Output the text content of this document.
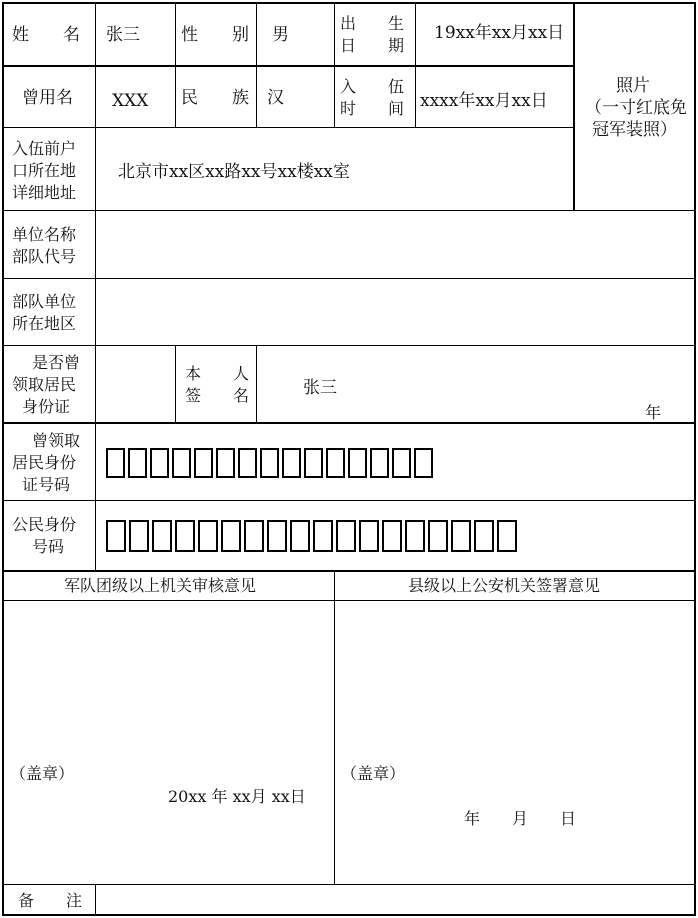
姓　　名 张三 性　　别 男
出　　生
日　　期
19xx年xx月xx日
曾用名 XXX 民　　族 汉
入　　伍
时　　间 xxxx年xx月xx日
照片
（一寸红底免
冠军装照）
入伍前户
口所在地
详细地址
北京市xx区xx路xx号xx楼xx室
单位名称
部队代号
部队单位
所在地区
是否曾
领取居民
身份证
本　　人
签　　名	张三
年
曾领取
居民身份
证号码
公民身份
号码
军队团级以上机关审核意见	县级以上公安机关签署意见
（盖章）
20xx 年 xx月 xx日
（盖章）
年　　月　　日
备　　注
